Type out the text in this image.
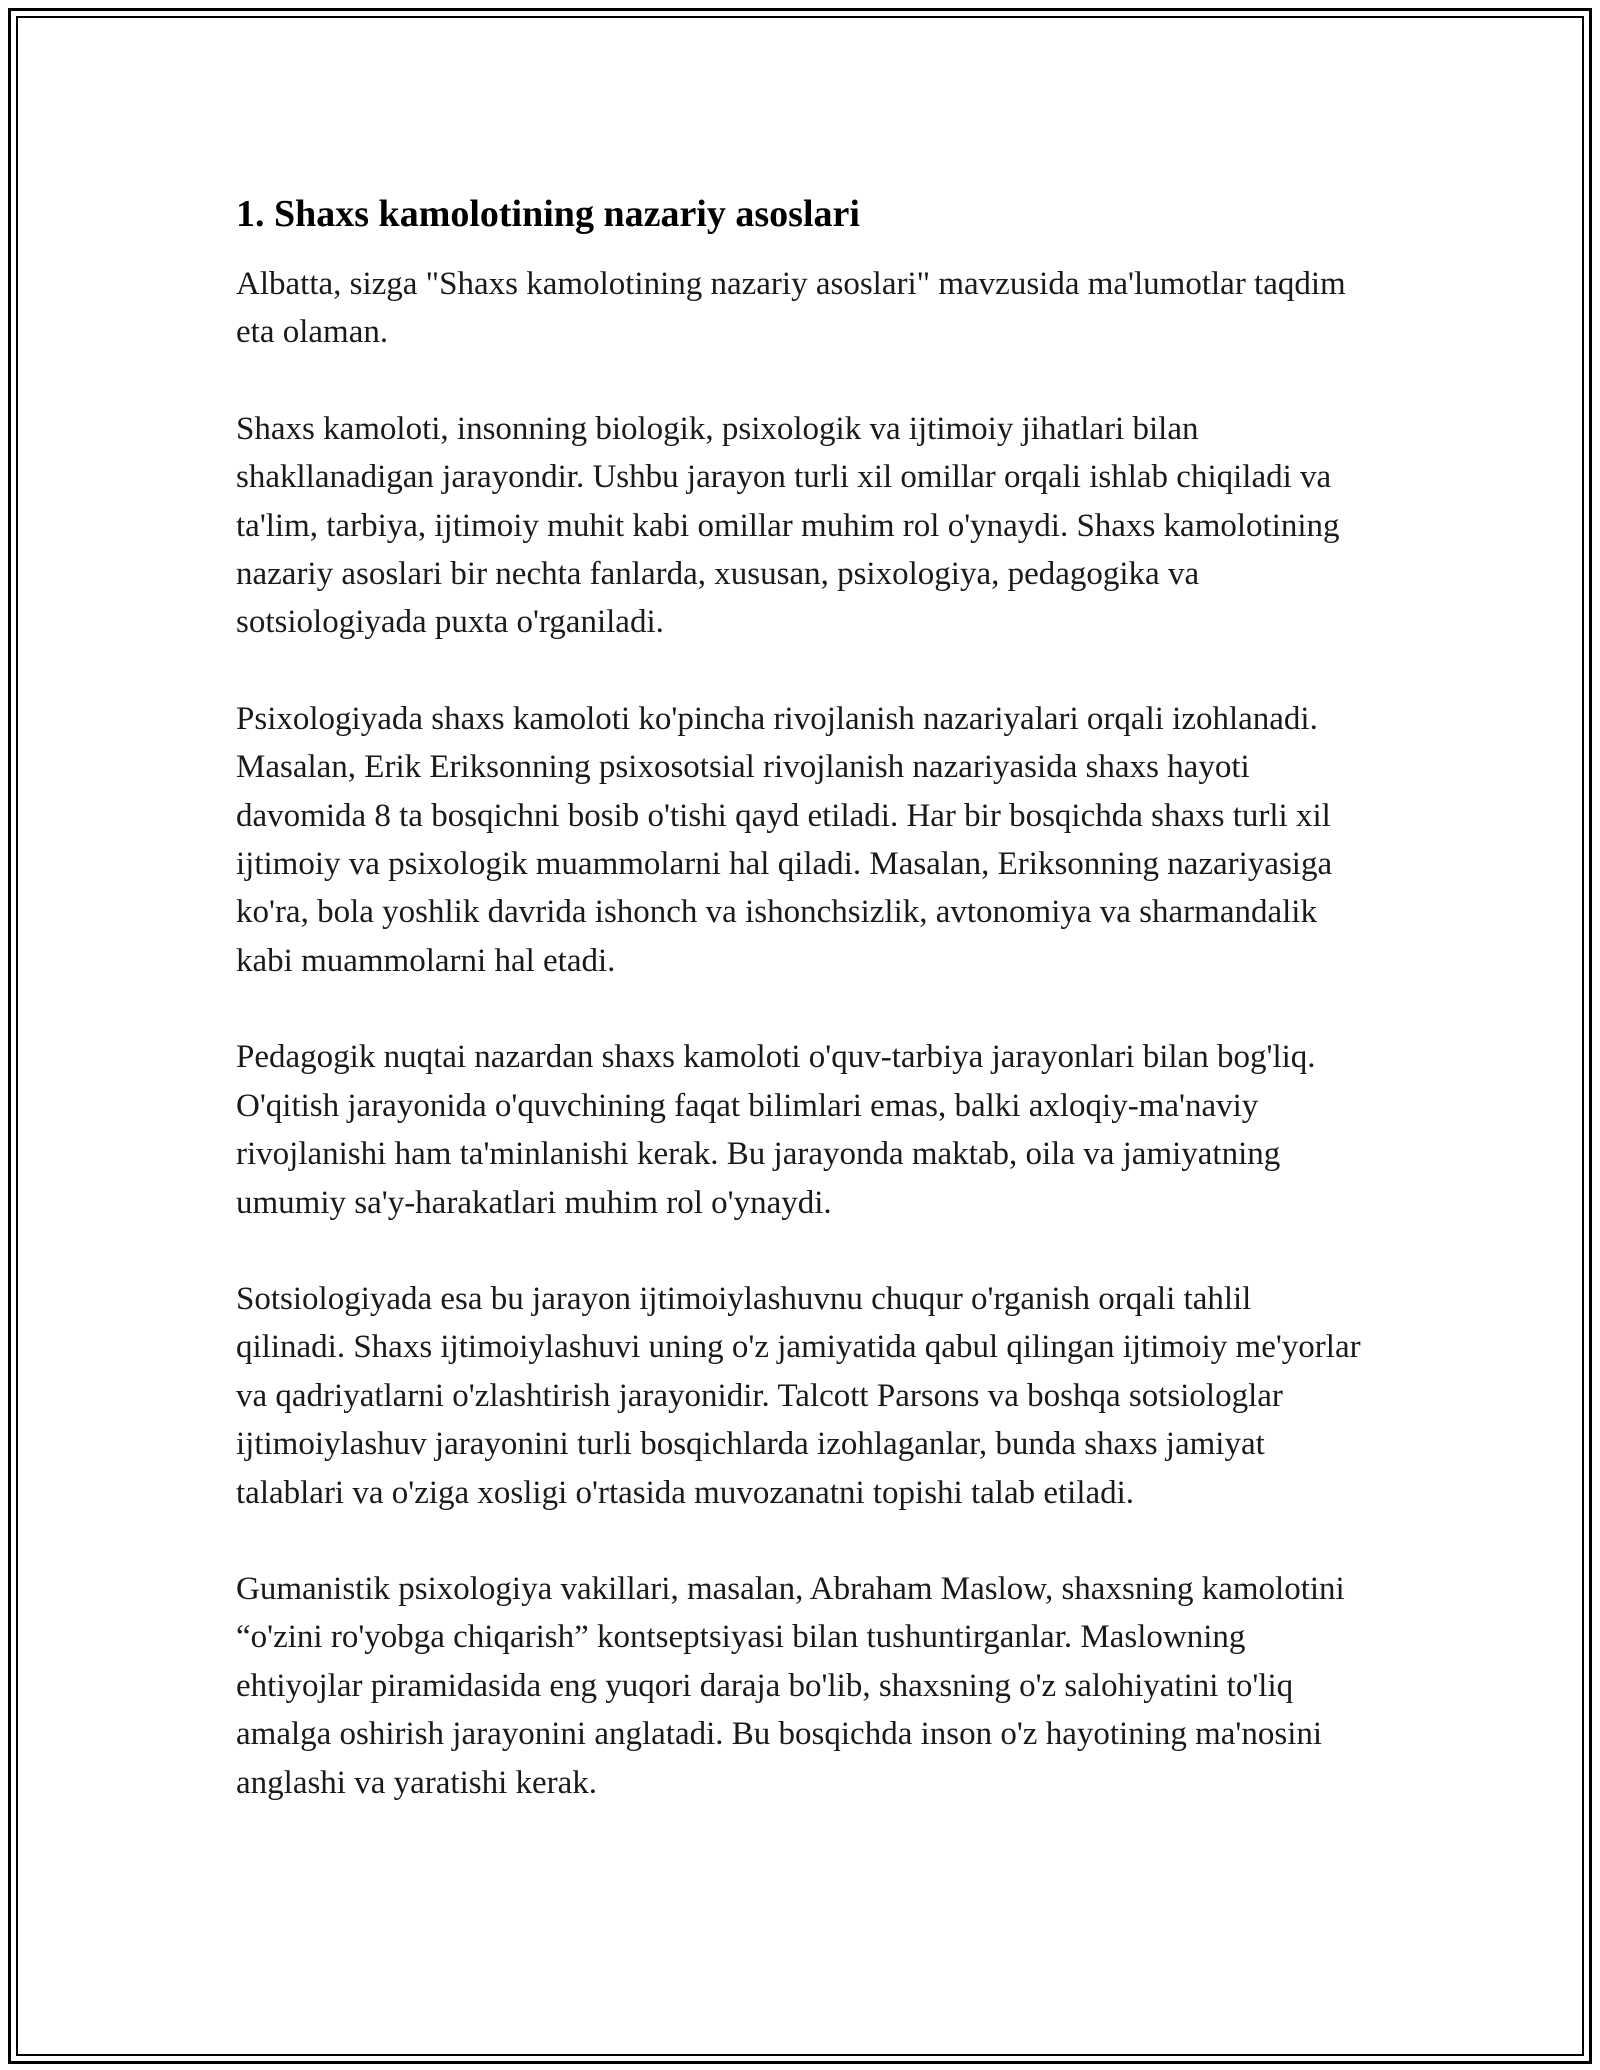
1. Shaxs kamolotining nazariy asoslari

Albatta, sizga "Shaxs kamolotining nazariy asoslari" mavzusida ma'lumotlar taqdim eta olaman.

Shaxs kamoloti, insonning biologik, psixologik va ijtimoiy jihatlari bilan shakllanadigan jarayondir. Ushbu jarayon turli xil omillar orqali ishlab chiqiladi va ta'lim, tarbiya, ijtimoiy muhit kabi omillar muhim rol o'ynaydi. Shaxs kamolotining nazariy asoslari bir nechta fanlarda, xususan, psixologiya, pedagogika va sotsiologiyada puxta o'rganiladi.

Psixologiyada shaxs kamoloti ko'pincha rivojlanish nazariyalari orqali izohlanadi. Masalan, Erik Eriksonning psixosotsial rivojlanish nazariyasida shaxs hayoti davomida 8 ta bosqichni bosib o'tishi qayd etiladi. Har bir bosqichda shaxs turli xil ijtimoiy va psixologik muammolarni hal qiladi. Masalan, Eriksonning nazariyasiga ko'ra, bola yoshlik davrida ishonch va ishonchsizlik, avtonomiya va sharmandalik kabi muammolarni hal etadi.

Pedagogik nuqtai nazardan shaxs kamoloti o'quv-tarbiya jarayonlari bilan bog'liq. O'qitish jarayonida o'quvchining faqat bilimlari emas, balki axloqiy-ma'naviy rivojlanishi ham ta'minlanishi kerak. Bu jarayonda maktab, oila va jamiyatning umumiy sa'y-harakatlari muhim rol o'ynaydi.

Sotsiologiyada esa bu jarayon ijtimoiylashuvnu chuqur o'rganish orqali tahlil qilinadi. Shaxs ijtimoiylashuvi uning o'z jamiyatida qabul qilingan ijtimoiy me'yorlar va qadriyatlarni o'zlashtirish jarayonidir. Talcott Parsons va boshqa sotsiologlar ijtimoiylashuv jarayonini turli bosqichlarda izohlaganlar, bunda shaxs jamiyat talablari va o'ziga xosligi o'rtasida muvozanatni topishi talab etiladi.

Gumanistik psixologiya vakillari, masalan, Abraham Maslow, shaxsning kamolotini “o'zini ro'yobga chiqarish” kontseptsiyasi bilan tushuntirganlar. Maslowning ehtiyojlar piramidasida eng yuqori daraja bo'lib, shaxsning o'z salohiyatini to'liq amalga oshirish jarayonini anglatadi. Bu bosqichda inson o'z hayotining ma'nosini anglashi va yaratishi kerak.
